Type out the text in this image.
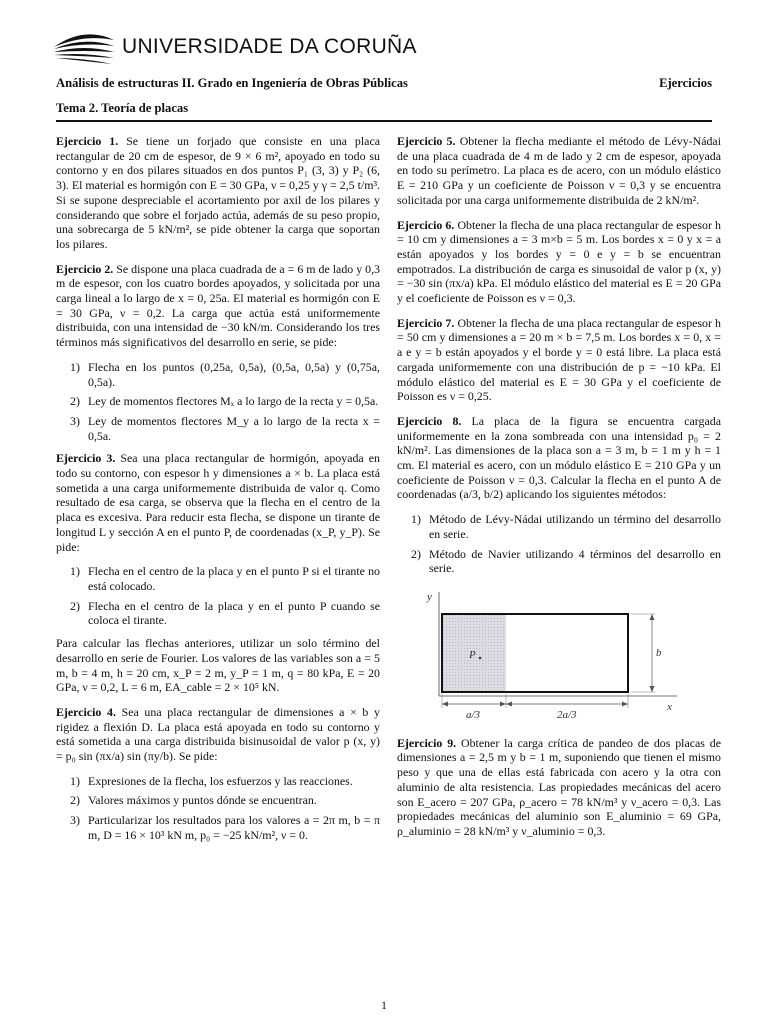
UNIVERSIDADE DA CORUÑA
Análisis de estructuras II. Grado en Ingeniería de Obras Públicas	Ejercicios
Tema 2. Teoría de placas
Ejercicio 1. Se tiene un forjado que consiste en una placa rectangular de 20 cm de espesor, de 9 × 6 m², apoyado en todo su contorno y en dos pilares situados en dos puntos P₁ (3, 3) y P₂ (6, 3). El material es hormigón con E = 30 GPa, ν = 0,25 y γ = 2,5 t/m³. Si se supone despreciable el acortamiento por axil de los pilares y considerando que sobre el forjado actúa, además de su peso propio, una sobrecarga de 5 kN/m², se pide obtener la carga que soportan los pilares.
Ejercicio 2. Se dispone una placa cuadrada de a = 6 m de lado y 0,3 m de espesor, con los cuatro bordes apoyados, y solicitada por una carga lineal a lo largo de x = 0, 25a. El material es hormigón con E = 30 GPa, ν = 0,2. La carga que actúa está uniformemente distribuida, con una intensidad de −30 kN/m. Considerando los tres términos más significativos del desarrollo en serie, se pide:
1) Flecha en los puntos (0,25a, 0,5a), (0,5a, 0,5a) y (0,75a, 0,5a).
2) Ley de momentos flectores Mₓ a lo largo de la recta y = 0,5a.
3) Ley de momentos flectores M_y a lo largo de la recta x = 0,5a.
Ejercicio 3. Sea una placa rectangular de hormigón, apoyada en todo su contorno, con espesor h y dimensiones a × b. La placa está sometida a una carga uniformemente distribuida de valor q. Como resultado de esa carga, se observa que la flecha en el centro de la placa es excesiva. Para reducir esta flecha, se dispone un tirante de longitud L y sección A en el punto P, de coordenadas (x_P, y_P). Se pide:
1) Flecha en el centro de la placa y en el punto P si el tirante no está colocado.
2) Flecha en el centro de la placa y en el punto P cuando se coloca el tirante.

Para calcular las flechas anteriores, utilizar un solo término del desarrollo en serie de Fourier. Los valores de las variables son a = 5 m, b = 4 m, h = 20 cm, x_P = 2 m, y_P = 1 m, q = 80 kPa, E = 20 GPa, ν = 0,2, L = 6 m, EA_cable = 2 × 10⁵ kN.

Ejercicio 4. Sea una placa rectangular de dimensiones a × b y rigidez a flexión D. La placa está apoyada en todo su contorno y está sometida a una carga distribuida bisinusoidal de valor p (x, y) = p₀ sin (πx/a) sin (πy/b). Se pide:
1) Expresiones de la flecha, los esfuerzos y las reacciones.
2) Valores máximos y puntos dónde se encuentran.
3) Particularizar los resultados para los valores a = 2π m, b = π m, D = 16 × 10³ kN m, p₀ = −25 kN/m², ν = 0.
Ejercicio 5. Obtener la flecha mediante el método de Lévy-Nádai de una placa cuadrada de 4 m de lado y 2 cm de espesor, apoyada en todo su perímetro. La placa es de acero, con un módulo elástico E = 210 GPa y un coeficiente de Poisson ν = 0,3 y se encuentra solicitada por una carga uniformemente distribuida de 2 kN/m².
Ejercicio 6. Obtener la flecha de una placa rectangular de espesor h = 10 cm y dimensiones a = 3 m×b = 5 m. Los bordes x = 0 y x = a están apoyados y los bordes y = 0 e y = b se encuentran empotrados. La distribución de carga es sinusoidal de valor p (x, y) = −30 sin (πx/a) kPa. El módulo elástico del material es E = 20 GPa y el coeficiente de Poisson es ν = 0,3.
Ejercicio 7. Obtener la flecha de una placa rectangular de espesor h = 50 cm y dimensiones a = 20 m × b = 7,5 m. Los bordes x = 0, x = a e y = b están apoyados y el borde y = 0 está libre. La placa está cargada uniformemente con una distribución de p = −10 kPa. El módulo elástico del material es E = 30 GPa y el coeficiente de Poisson es ν = 0,25.
Ejercicio 8. La placa de la figura se encuentra cargada uniformemente en la zona sombreada con una intensidad p₀ = 2 kN/m². Las dimensiones de la placa son a = 3 m, b = 1 m y h = 1 cm. El material es acero, con un módulo elástico E = 210 GPa y un coeficiente de Poisson ν = 0,3. Calcular la flecha en el punto A de coordenadas (a/3, b/2) aplicando los siguientes métodos:
1) Método de Lévy-Nádai utilizando un término del desarrollo en serie.
2) Método de Navier utilizando 4 términos del desarrollo en serie.
y
x
P	b
a/3	2a/3
Ejercicio 9. Obtener la carga crítica de pandeo de dos placas de dimensiones a = 2,5 m y b = 1 m, suponiendo que tienen el mismo peso y que una de ellas está fabricada con acero y la otra con aluminio de alta resistencia. Las propiedades mecánicas del acero son E_acero = 207 GPa, ρ_acero = 78 kN/m³ y ν_acero = 0,3. Las propiedades mecánicas del aluminio son E_aluminio = 69 GPa, ρ_aluminio = 28 kN/m³ y ν_aluminio = 0,3.
1
